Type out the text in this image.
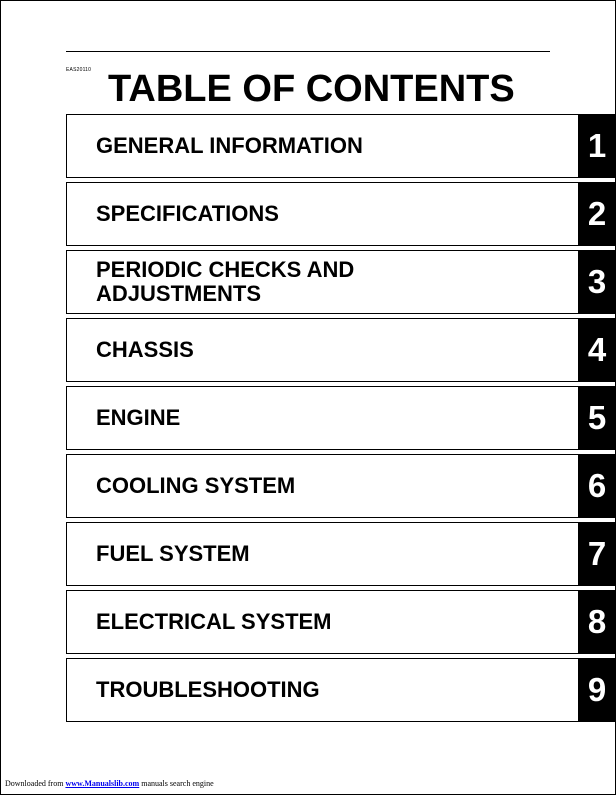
EAS20110 TABLE OF CONTENTS
GENERAL INFORMATION	1
SPECIFICATIONS	2
PERIODIC CHECKS AND
ADJUSTMENTS	3
CHASSIS	4
ENGINE	5
COOLING SYSTEM	6
FUEL SYSTEM	7
ELECTRICAL SYSTEM	8
TROUBLESHOOTING	9
Downloaded from www.Manualslib.com manuals search engine
